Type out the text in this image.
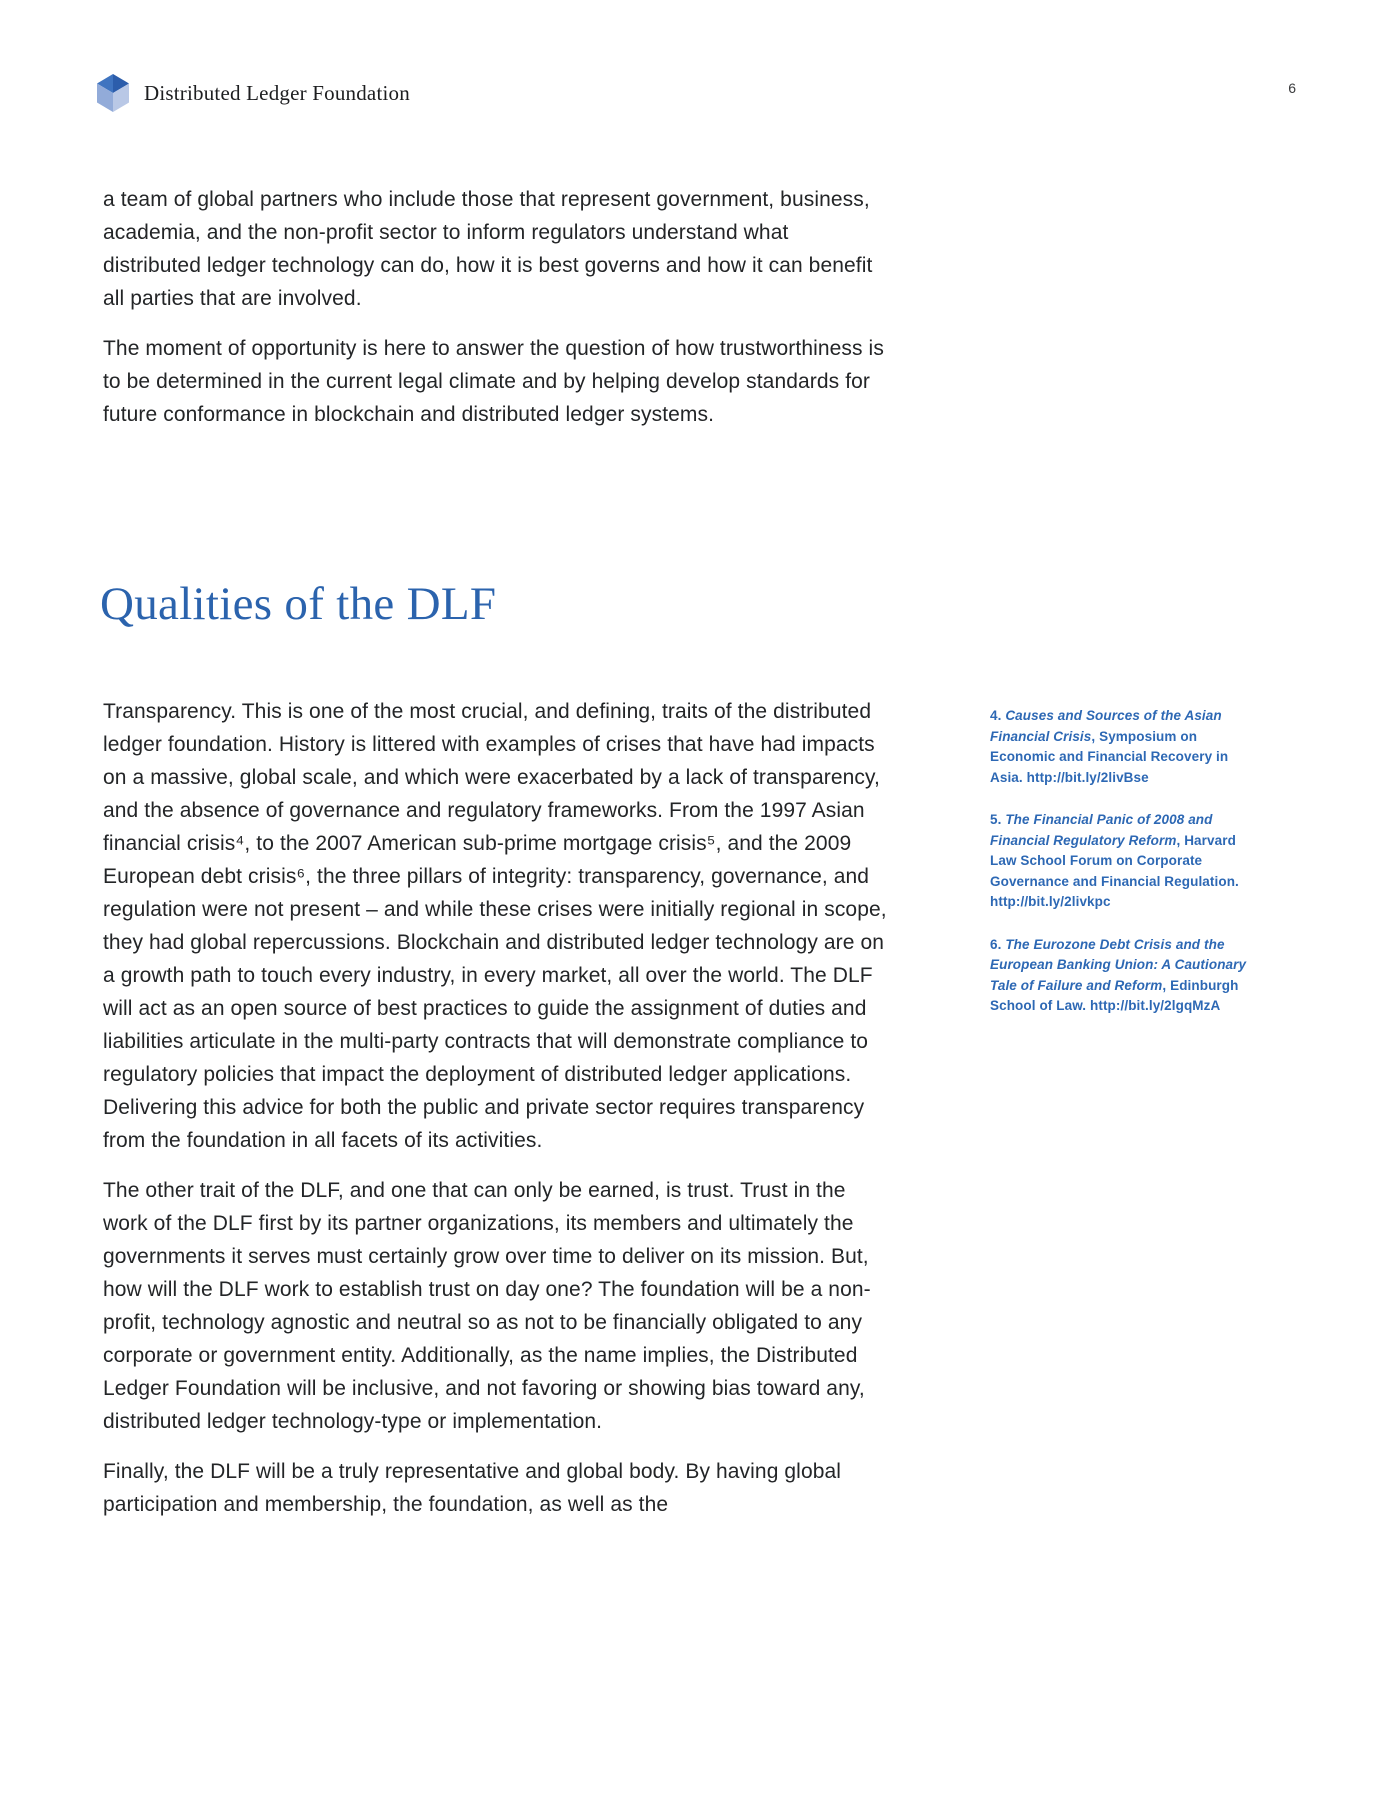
Distributed Ledger Foundation	6

a team of global partners who include those that represent government, business, academia, and the non-profit sector to inform regulators understand what distributed ledger technology can do, how it is best governs and how it can benefit all parties that are involved.

The moment of opportunity is here to answer the question of how trustworthiness is to be determined in the current legal climate and by helping develop standards for future conformance in blockchain and distributed ledger systems.

Qualities of the DLF

Transparency. This is one of the most crucial, and defining, traits of the distributed ledger foundation. History is littered with examples of crises that have had impacts on a massive, global scale, and which were exacerbated by a lack of transparency, and the absence of governance and regulatory frameworks. From the 1997 Asian financial crisis⁴, to the 2007 American sub-prime mortgage crisis⁵, and the 2009 European debt crisis⁶, the three pillars of integrity: transparency, governance, and regulation were not present – and while these crises were initially regional in scope, they had global repercussions. Blockchain and distributed ledger technology are on a growth path to touch every industry, in every market, all over the world. The DLF will act as an open source of best practices to guide the assignment of duties and liabilities articulate in the multi-party contracts that will demonstrate compliance to regulatory policies that impact the deployment of distributed ledger applications. Delivering this advice for both the public and private sector requires transparency from the foundation in all facets of its activities.

The other trait of the DLF, and one that can only be earned, is trust. Trust in the work of the DLF first by its partner organizations, its members and ultimately the governments it serves must certainly grow over time to deliver on its mission. But, how will the DLF work to establish trust on day one? The foundation will be a non-profit, technology agnostic and neutral so as not to be financially obligated to any corporate or government entity. Additionally, as the name implies, the Distributed Ledger Foundation will be inclusive, and not favoring or showing bias toward any, distributed ledger technology-type or implementation.

Finally, the DLF will be a truly representative and global body. By having global participation and membership, the foundation, as well as the

4. Causes and Sources of the Asian Financial Crisis, Symposium on Economic and Financial Recovery in Asia. http://bit.ly/2livBse

5. The Financial Panic of 2008 and Financial Regulatory Reform, Harvard Law School Forum on Corporate Governance and Financial Regulation. http://bit.ly/2livkpc

6. The Eurozone Debt Crisis and the European Banking Union: A Cautionary Tale of Failure and Reform, Edinburgh School of Law. http://bit.ly/2lgqMzA
